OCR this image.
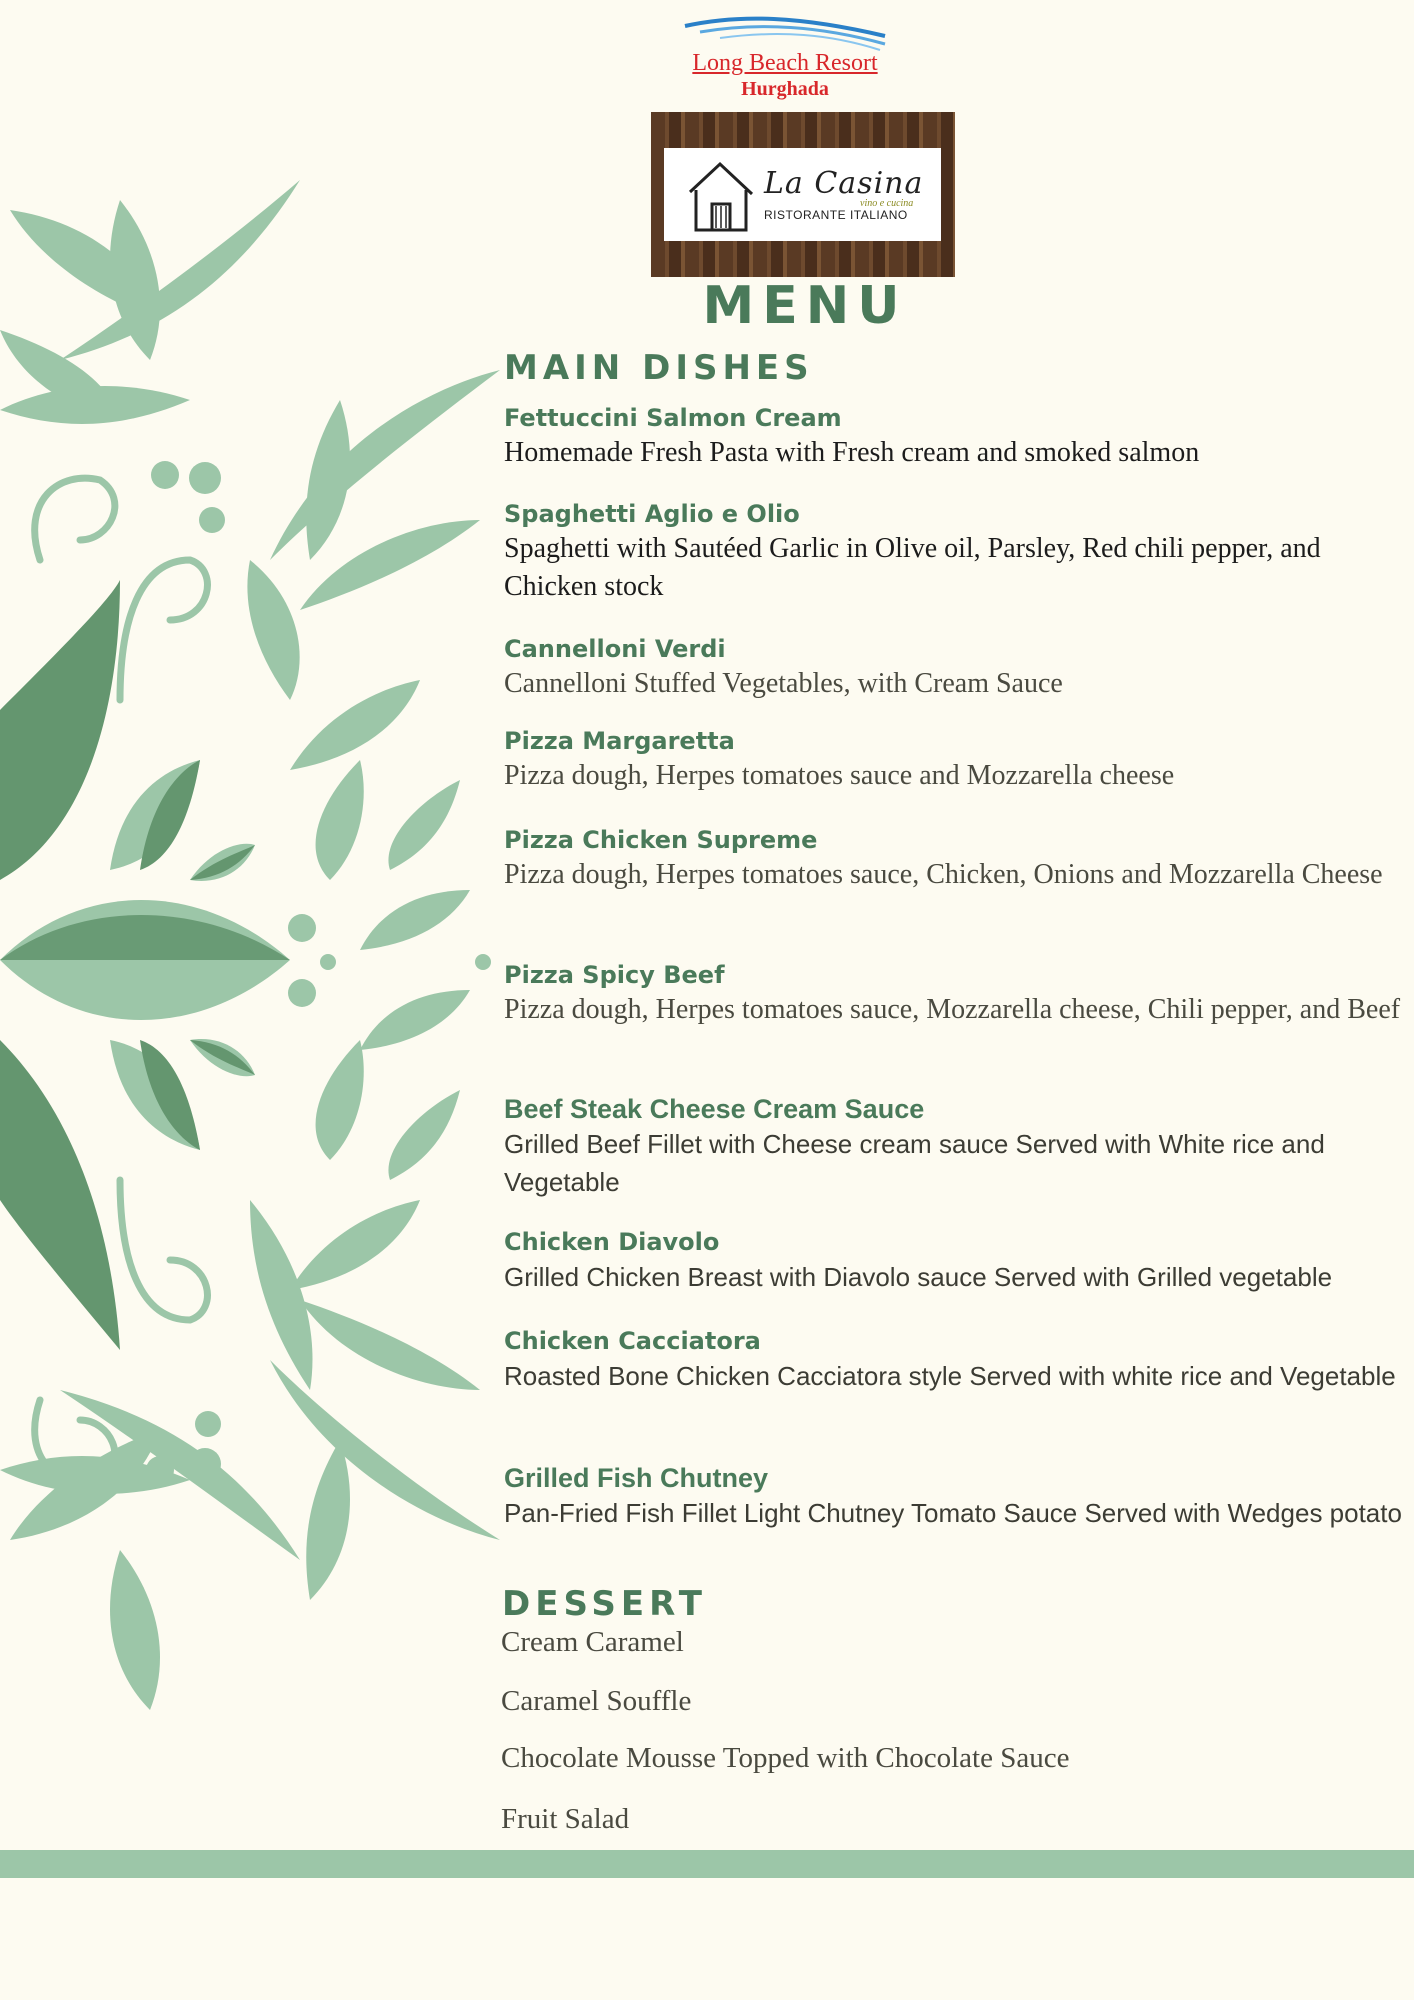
Long Beach Resort
Hurghada
La Casina
vino e cucina
RISTORANTE ITALIANO
MENU
MAIN DISHES
Fettuccini Salmon Cream
Homemade Fresh Pasta with Fresh cream and smoked salmon
Spaghetti Aglio e Olio
Spaghetti with Sautéed Garlic in Olive oil, Parsley, Red chili pepper, and Chicken stock
Cannelloni Verdi
Cannelloni Stuffed Vegetables, with Cream Sauce
Pizza Margaretta
Pizza dough, Herpes tomatoes sauce and Mozzarella cheese
Pizza Chicken Supreme
Pizza dough, Herpes tomatoes sauce, Chicken, Onions and Mozzarella Cheese
Pizza Spicy Beef
Pizza dough, Herpes tomatoes sauce, Mozzarella cheese, Chili pepper, and Beef
Beef Steak Cheese Cream Sauce
Grilled Beef Fillet with Cheese cream sauce Served with White rice and Vegetable
Chicken Diavolo
Grilled Chicken Breast with Diavolo sauce Served with Grilled vegetable
Chicken Cacciatora
Roasted Bone Chicken Cacciatora style Served with white rice and Vegetable
Grilled Fish Chutney
Pan-Fried Fish Fillet Light Chutney Tomato Sauce Served with Wedges potato
DESSERT
Cream Caramel
Caramel Souffle
Chocolate Mousse Topped with Chocolate Sauce
Fruit Salad
